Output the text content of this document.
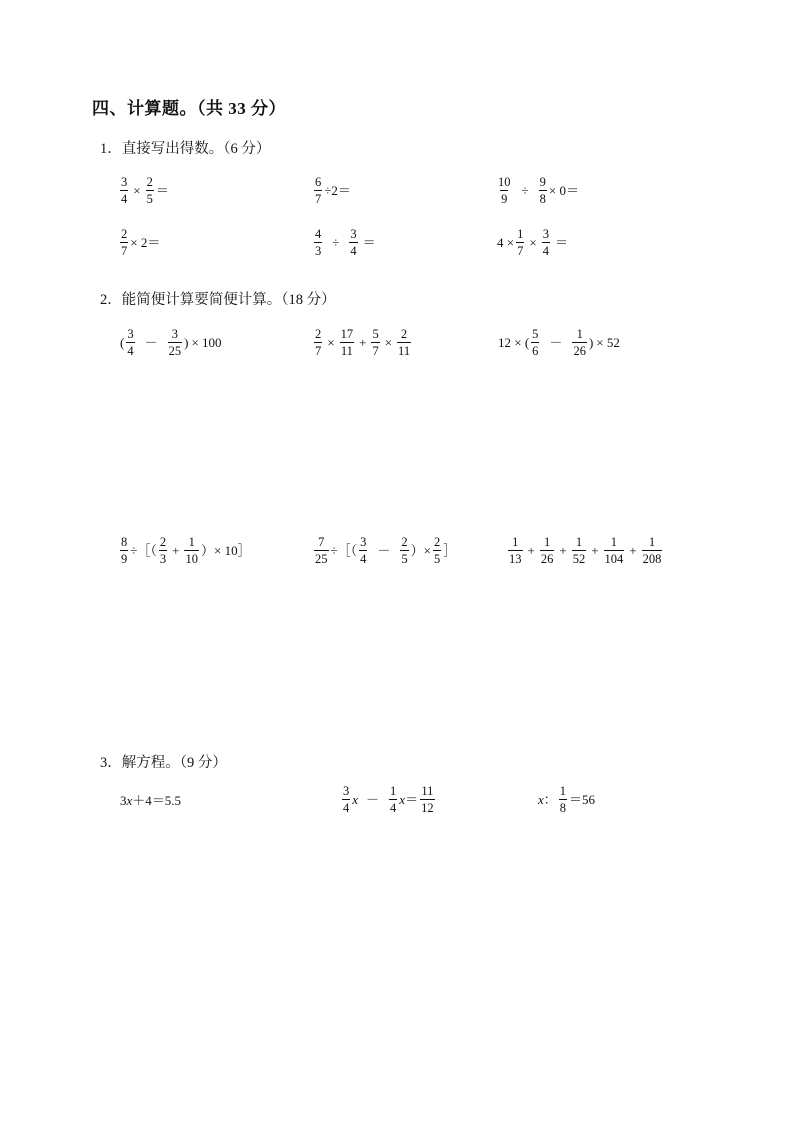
四、计算题。（共 33 分）
1．直接写出得数。（6 分）
$\frac{3}{4} \times \frac{2}{5}$ ＝	$\frac{6}{7} \div 2=$	$\frac{10}{9} \div \frac{9}{8} \times 0=$
$\frac{2}{7} \times 2=$	$\frac{4}{3} \div \frac{3}{4}$ ＝	$4 \times \frac{1}{7} \times \frac{3}{4}$ ＝
2．能简便计算要简便计算。（18 分）
( $\frac{3}{4} - \frac{3}{25}$ ) × 100	$\frac{2}{7} \times \frac{17}{11} + \frac{5}{7} \times \frac{2}{11}$	12 × ( $\frac{5}{6} - \frac{1}{26}$ ) × 52
$\frac{8}{9}$ ÷［（ $\frac{2}{3} + \frac{1}{10}$ ）× 10］	$\frac{7}{25}$ ÷［（ $\frac{3}{4} - \frac{2}{5}$ ）× $\frac{2}{5}$ ］	$\frac{1}{13} + \frac{1}{26} + \frac{1}{52} + \frac{1}{104} + \frac{1}{208}$
3．解方程。（9 分）
3 x ＋4＝5.5	$\frac{3}{4}$ $x - \frac{1}{4}$ $x = \frac{11}{12}$	x ： $\frac{1}{8} =56$
